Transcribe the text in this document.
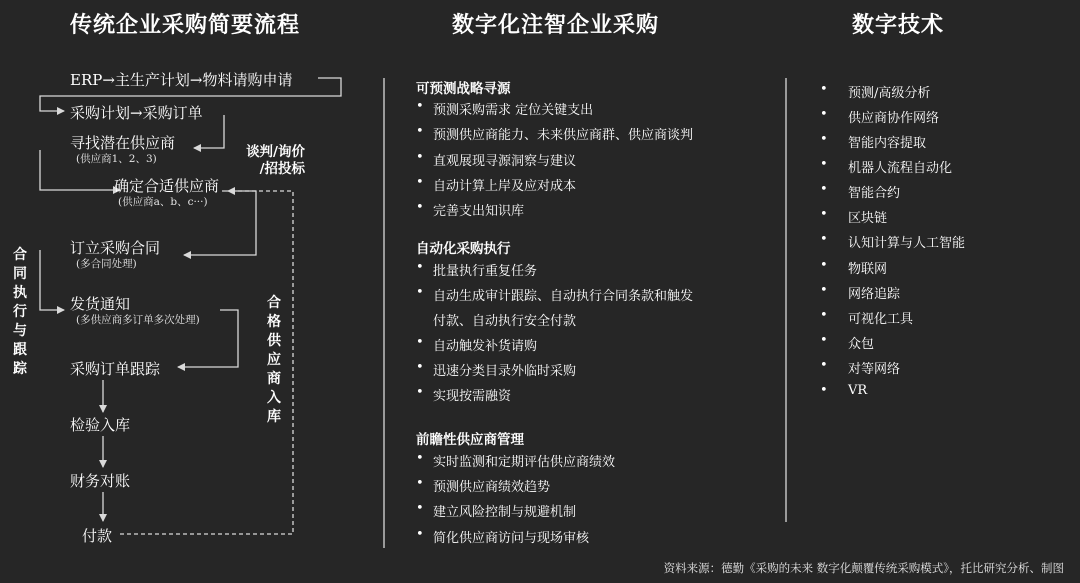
传统企业采购简要流程	数字化注智企业采购	数字技术
ERP→主生产计划→物料请购申请
采购计划→采购订单
寻找潜在供应商
(供应商1、2、3)
确定合适供应商
(供应商a、b、c···)
谈判/询价
/招投标
订立采购合同
(多合同处理)
发货通知
(多供应商多订单多次处理)
采购订单跟踪
检验入库
财务对账
付款
合同执行与跟踪
合格供应商入库
可预测战略寻源
• 预测采购需求 定位关键支出
• 预测供应商能力、未来供应商群、供应商谈判
• 直观展现寻源洞察与建议
• 自动计算上岸及应对成本
• 完善支出知识库
自动化采购执行
• 批量执行重复任务
• 自动生成审计跟踪、自动执行合同条款和触发
付款、自动执行安全付款
• 自动触发补货请购
• 迅速分类目录外临时采购
• 实现按需融资
前瞻性供应商管理
• 实时监测和定期评估供应商绩效
• 预测供应商绩效趋势
• 建立风险控制与规避机制
• 简化供应商访问与现场审核
• 预测/高级分析
• 供应商协作网络
• 智能内容提取
• 机器人流程自动化
• 智能合约
• 区块链
• 认知计算与人工智能
• 物联网
• 网络追踪
• 可视化工具
• 众包
• 对等网络
• VR
资料来源：德勤《采购的未来 数字化颠覆传统采购模式》，托比研究分析、制图
